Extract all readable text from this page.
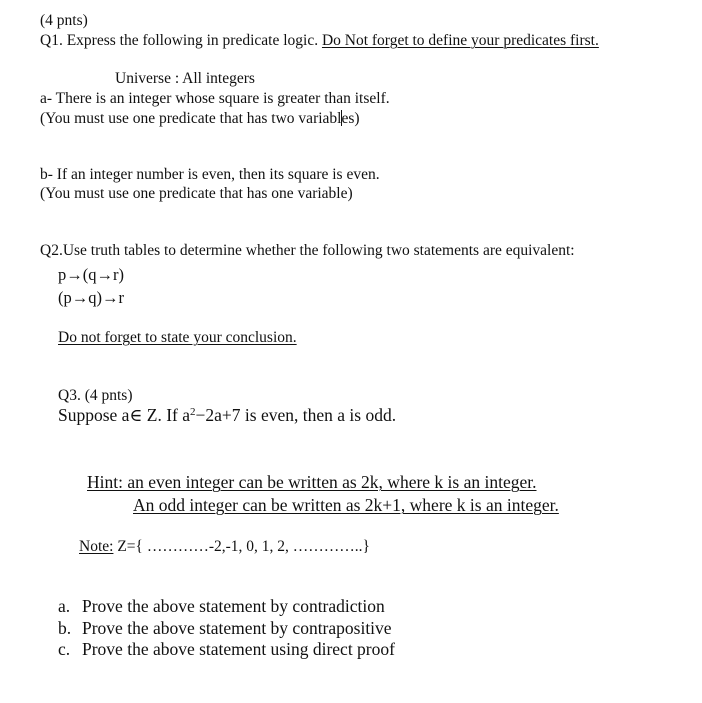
(4 pnts)
Q1. Express the following in predicate logic. Do Not forget to define your predicates first.
Universe : All integers
a- There is an integer whose square is greater than itself.
(You must use one predicate that has two variables)
b- If an integer number is even, then its square is even.
(You must use one predicate that has one variable)
Q2.Use truth tables to determine whether the following two statements are equivalent:
p→(q→r)
(p→q)→r
Do not forget to state your conclusion.
Q3. (4 pnts)
Suppose a∈ Z. If $a^2-2a+7$ is even, then a is odd.
Hint: an even integer can be written as 2k, where k is an integer.
An odd integer can be written as 2k+1, where k is an integer.
Note: Z={ …………-2,-1, 0, 1, 2, …………..}
a. Prove the above statement by contradiction
b. Prove the above statement by contrapositive
c. Prove the above statement using direct proof
